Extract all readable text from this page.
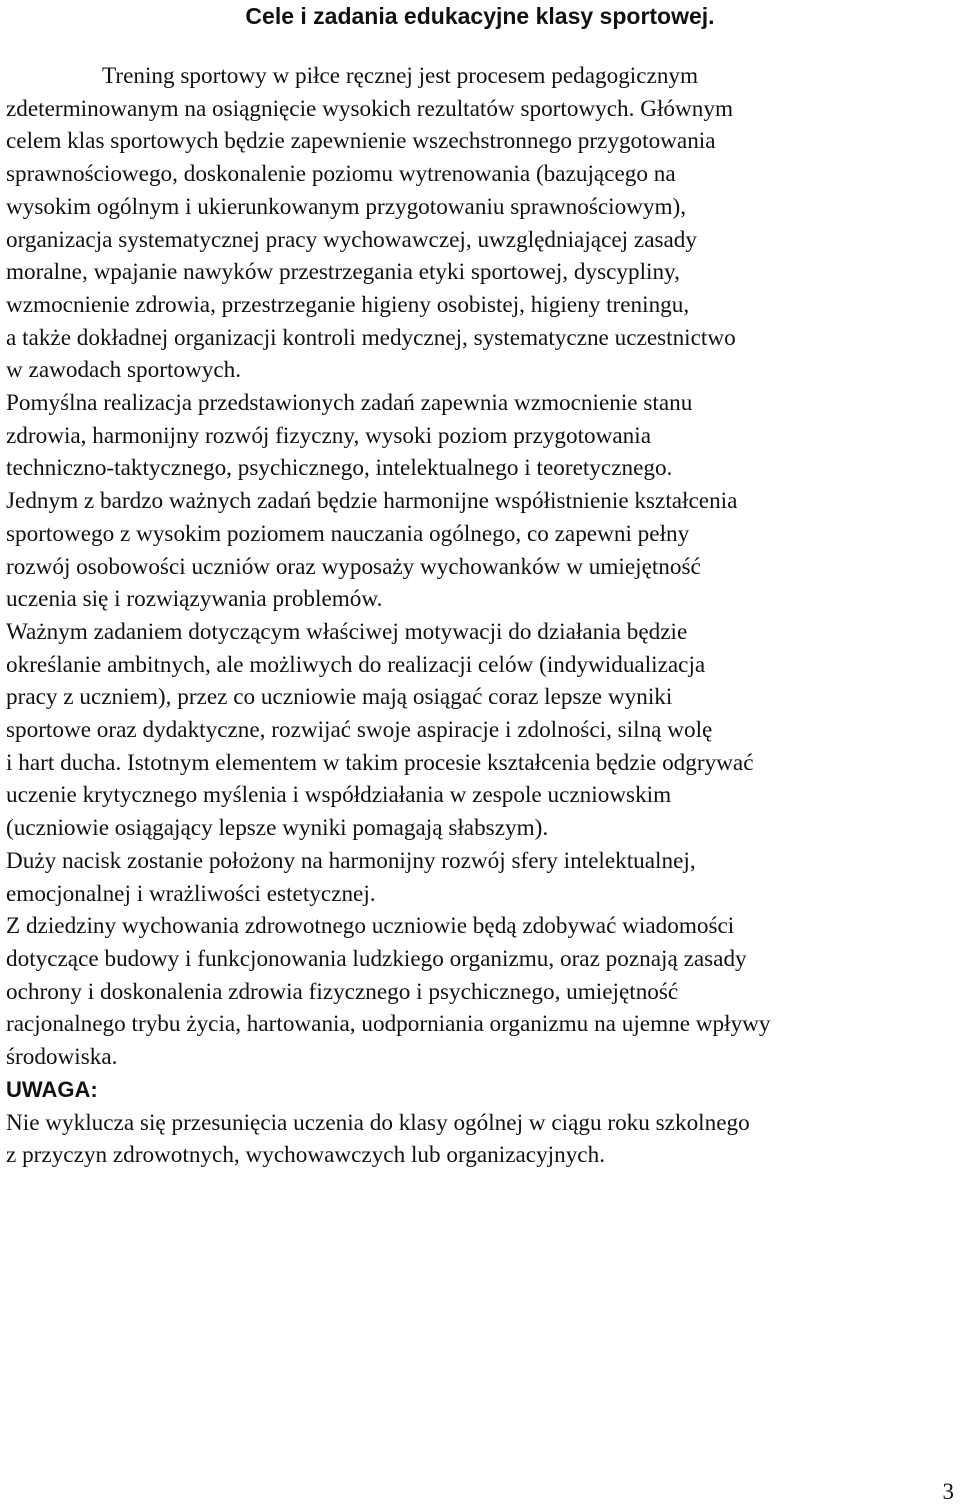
Cele i zadania edukacyjne klasy sportowej.
Trening sportowy w piłce ręcznej jest procesem pedagogicznym
zdeterminowanym na osiągnięcie wysokich rezultatów sportowych. Głównym
celem klas sportowych będzie zapewnienie wszechstronnego przygotowania
sprawnościowego, doskonalenie poziomu wytrenowania (bazującego na
wysokim ogólnym i ukierunkowanym przygotowaniu sprawnościowym),
organizacja systematycznej pracy wychowawczej, uwzględniającej zasady
moralne, wpajanie nawyków przestrzegania etyki sportowej, dyscypliny,
wzmocnienie zdrowia, przestrzeganie higieny osobistej, higieny treningu,
a także dokładnej organizacji kontroli medycznej, systematyczne uczestnictwo
w zawodach sportowych.
Pomyślna realizacja przedstawionych zadań zapewnia wzmocnienie stanu
zdrowia, harmonijny rozwój fizyczny, wysoki poziom przygotowania
techniczno-taktycznego, psychicznego, intelektualnego i teoretycznego.
Jednym z bardzo ważnych zadań będzie harmonijne współistnienie kształcenia
sportowego z wysokim poziomem nauczania ogólnego, co zapewni pełny
rozwój osobowości uczniów oraz wyposaży wychowanków w umiejętność
uczenia się i rozwiązywania problemów.
Ważnym zadaniem dotyczącym właściwej motywacji do działania będzie
określanie ambitnych, ale możliwych do realizacji celów (indywidualizacja
pracy z uczniem), przez co uczniowie mają osiągać coraz lepsze wyniki
sportowe oraz dydaktyczne, rozwijać swoje aspiracje i zdolności, silną wolę
i hart ducha. Istotnym elementem w takim procesie kształcenia będzie odgrywać
uczenie krytycznego myślenia i współdziałania w zespole uczniowskim
(uczniowie osiągający lepsze wyniki pomagają słabszym).
Duży nacisk zostanie położony na harmonijny rozwój sfery intelektualnej,
emocjonalnej i wrażliwości estetycznej.
Z dziedziny wychowania zdrowotnego uczniowie będą zdobywać wiadomości
dotyczące budowy i funkcjonowania ludzkiego organizmu, oraz poznają zasady
ochrony i doskonalenia zdrowia fizycznego i psychicznego, umiejętność
racjonalnego trybu życia, hartowania, uodporniania organizmu na ujemne wpływy
środowiska.
UWAGA:
Nie wyklucza się przesunięcia uczenia do klasy ogólnej w ciągu roku szkolnego
z przyczyn zdrowotnych, wychowawczych lub organizacyjnych.
3
